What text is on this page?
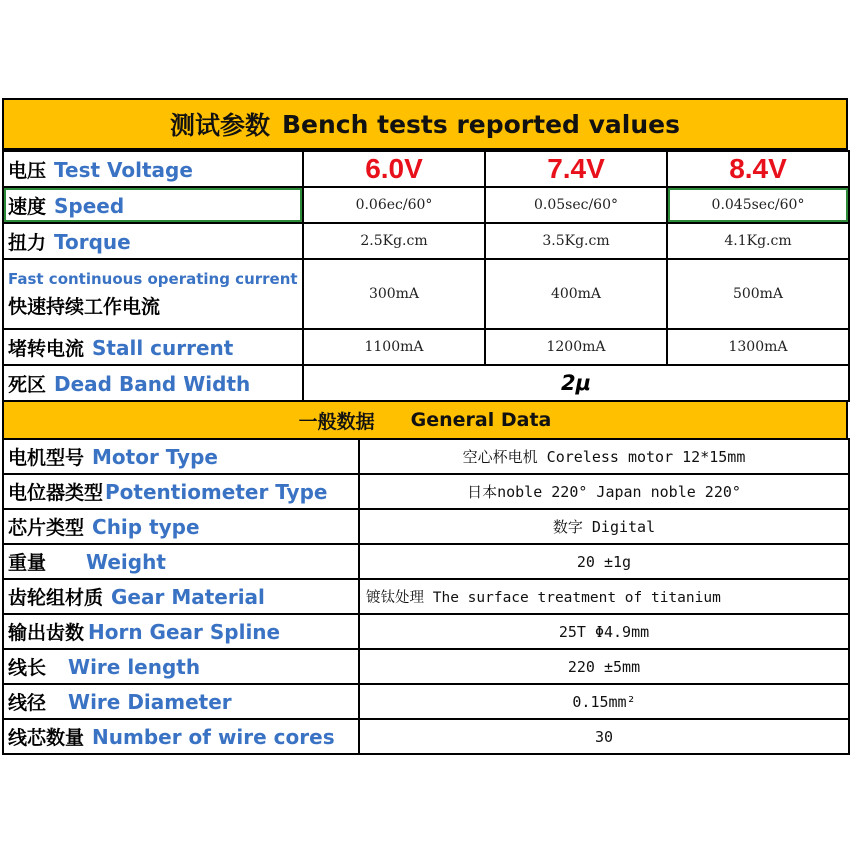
测试参数 Bench tests reported values
电压 Test Voltage	6.0V	7.4V	8.4V
速度 Speed	0.06ec/60°	0.05sec/60°	0.045sec/60°
扭力 Torque	2.5Kg.cm	3.5Kg.cm	4.1Kg.cm

Fast continuous operating current
快速持续工作电流	300mA	400mA	500mA
堵转电流 Stall current	1100mA	1200mA	1300mA
死区 Dead Band Width	2μ		
一般数据 General Data
电机型号 Motor Type	空心杯电机 Coreless motor 12*15mm
电位器类型 Potentiometer Type	日本noble 220° Japan noble 220°
芯片类型 Chip type	数字 Digital
重量 Weight	20 ±1g
齿轮组材质 Gear Material	镀钛处理 The surface treatment of titanium
输出齿数 Horn Gear Spline	25T Φ4.9mm
线长 Wire length	220 ±5mm
线径 Wire Diameter	0.15mm²
线芯数量 Number of wire cores	30
